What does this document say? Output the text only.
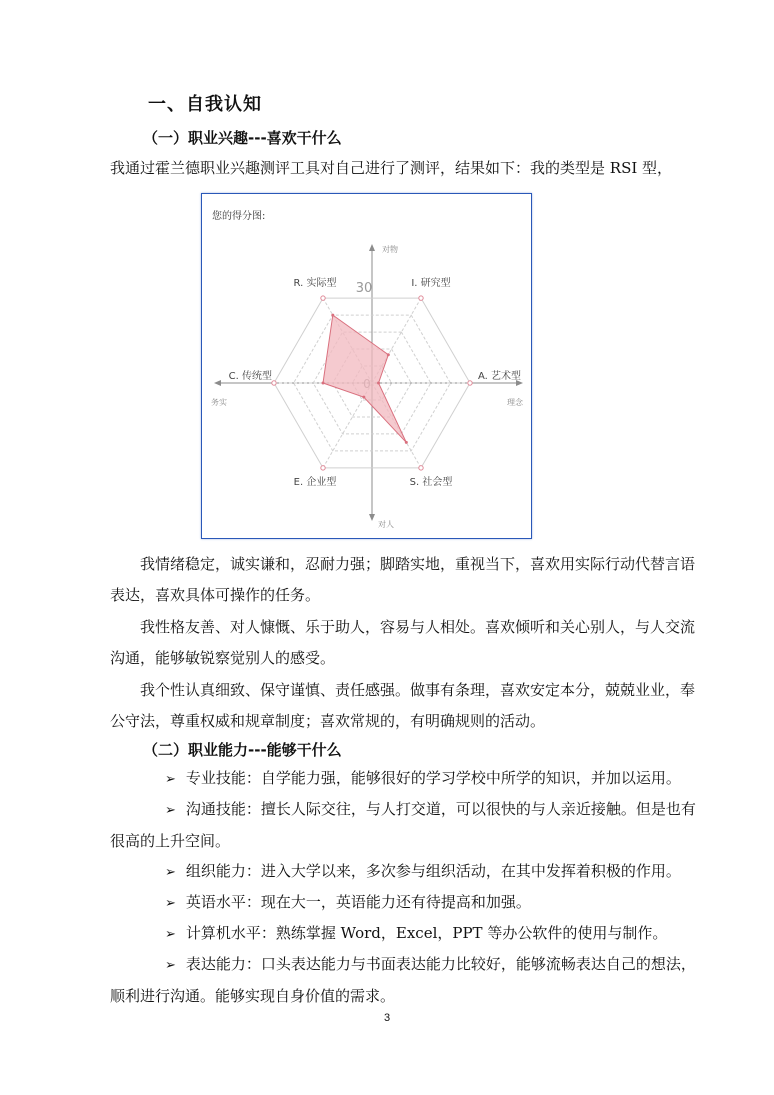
一、自我认知
（一）职业兴趣---喜欢干什么

我通过霍兰德职业兴趣测评工具对自己进行了测评，结果如下：我的类型是 RSI 型，

您的得分图:
30	I. 研究型
A. 艺术型
S. 社会型
E. 企业型
C. 传统型
R. 实际型
对物
对人
务实	理念

我情绪稳定，诚实谦和，忍耐力强；脚踏实地，重视当下，喜欢用实际行动代替言语表达，喜欢具体可操作的任务。

我性格友善、对人慷慨、乐于助人，容易与人相处。喜欢倾听和关心别人，与人交流沟通，能够敏锐察觉别人的感受。

我个性认真细致、保守谨慎、责任感强。做事有条理，喜欢安定本分，兢兢业业，奉公守法，尊重权威和规章制度；喜欢常规的，有明确规则的活动。

（二）职业能力---能够干什么

➢ 专业技能：自学能力强，能够很好的学习学校中所学的知识，并加以运用。

➢ 沟通技能：擅长人际交往，与人打交道，可以很快的与人亲近接触。但是也有很高的上升空间。

➢ 组织能力：进入大学以来，多次参与组织活动，在其中发挥着积极的作用。

➢ 英语水平：现在大一，英语能力还有待提高和加强。

➢ 计算机水平：熟练掌握 Word，Excel，PPT 等办公软件的使用与制作。

➢ 表达能力：口头表达能力与书面表达能力比较好，能够流畅表达自己的想法，顺利进行沟通。能够实现自身价值的需求。

3
